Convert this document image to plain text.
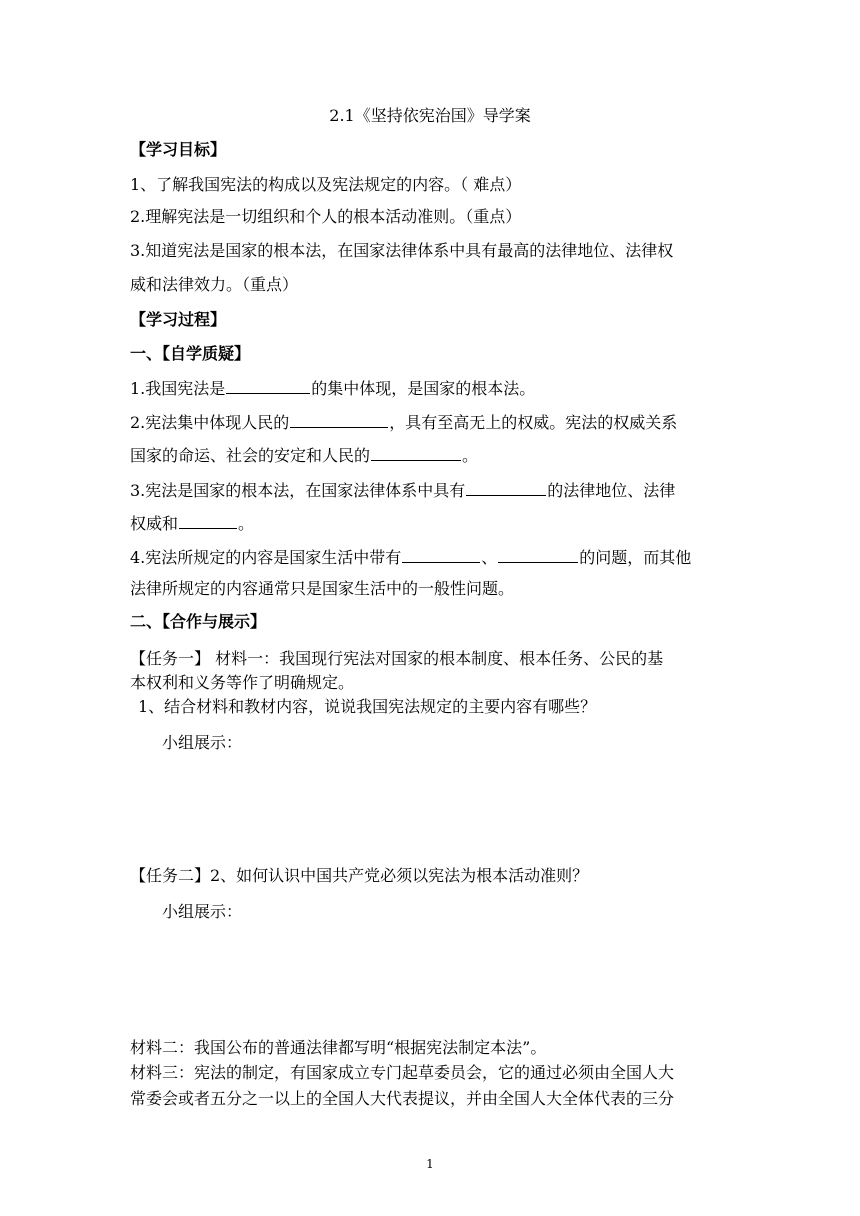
2.1《坚持依宪治国》导学案
【学习目标】
1、了解我国宪法的构成以及宪法规定的内容。（ 难点）
2.理解宪法是一切组织和个人的根本活动准则。（重点）
3.知道宪法是国家的根本法，在国家法律体系中具有最高的法律地位、法律权
威和法律效力。（重点）
【学习过程】
一、【自学质疑】
1.我国宪法是	的集中体现，是国家的根本法。
2.宪法集中体现人民的	，具有至高无上的权威。宪法的权威关系
国家的命运、社会的安定和人民的	。
3.宪法是国家的根本法，在国家法律体系中具有	的法律地位、法律
权威和	。
4.宪法所规定的内容是国家生活中带有	、	的问题，而其他
法律所规定的内容通常只是国家生活中的一般性问题。
二、【合作与展示】
【任务一】 材料一：我国现行宪法对国家的根本制度、根本任务、公民的基
本权利和义务等作了明确规定。
1、结合材料和教材内容，说说我国宪法规定的主要内容有哪些？
小组展示：
【任务二】2、如何认识中国共产党必须以宪法为根本活动准则？
小组展示：
材料二：我国公布的普通法律都写明“根据宪法制定本法”。
材料三：宪法的制定，有国家成立专门起草委员会，它的通过必须由全国人大
常委会或者五分之一以上的全国人大代表提议，并由全国人大全体代表的三分
1
